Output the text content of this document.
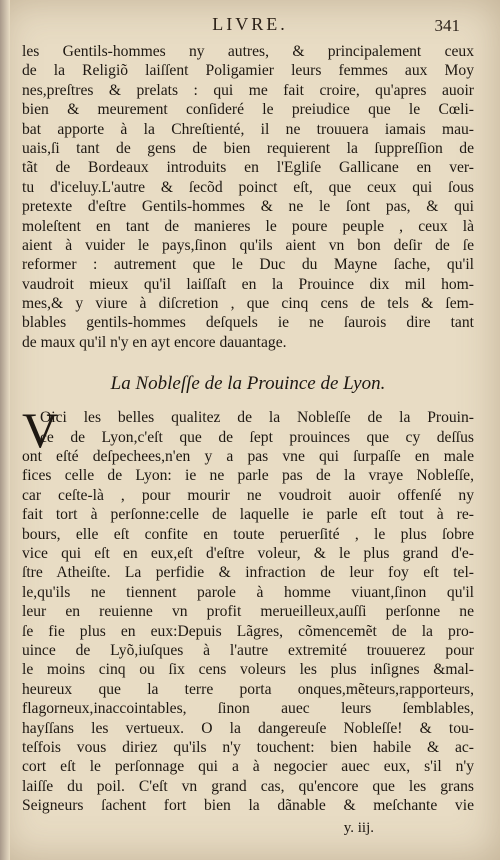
LIVRE.	341
les Gentils-hommes ny autres, & principalement ceux
de la Religiõ laiſſent Poligamier leurs femmes aux Moy
nes,preſtres & prelats : qui me fait croire, qu'apres auoir
bien & meurement conſideré le preiudice que le Cœli-
bat apporte à la Chreſtienté, il ne trouuera iamais mau-
uais,ſi tant de gens de bien requierent la ſuppreſſion de
tãt de Bordeaux introduits en l'Egliſe Gallicane en ver-
tu d'iceluy.L'autre & ſecõd poinct eſt, que ceux qui ſous
pretexte d'eſtre Gentils-hommes & ne le ſont pas, & qui
moleſtent en tant de manieres le poure peuple , ceux là
aient à vuider le pays,ſinon qu'ils aient vn bon deſir de ſe
reformer : autrement que le Duc du Mayne ſache, qu'il
vaudroit mieux qu'il laiſſaſt en la Prouince dix mil hom-
mes,& y viure à diſcretion , que cinq cens de tels & ſem-
blables gentils-hommes deſquels ie ne ſaurois dire tant
de maux qu'il n'y en ayt encore dauantage.
La Nobleſſe de la Prouince de Lyon.
V
Oici les belles qualitez de la Nobleſſe de la Prouin-
ce de Lyon,c'eſt que de ſept prouinces que cy deſſus
ont eſté deſpechees,n'en y a pas vne qui ſurpaſſe en male
fices celle de Lyon: ie ne parle pas de la vraye Nobleſſe,
car ceſte-là , pour mourir ne voudroit auoir offenſé ny
fait tort à perſonne:celle de laquelle ie parle eſt tout à re-
bours, elle eſt confite en toute peruerſité , le plus ſobre
vice qui eſt en eux,eſt d'eſtre voleur, & le plus grand d'e-
ſtre Atheiſte. La perfidie & infraction de leur foy eſt tel-
le,qu'ils ne tiennent parole à homme viuant,ſinon qu'il
leur en reuienne vn profit merueilleux,auſſi perſonne ne
ſe fie plus en eux:Depuis Lãgres, cõmencemẽt de la pro-
uince de Lyõ,iuſques à l'autre extremité trouuerez pour
le moins cinq ou ſix cens voleurs les plus inſignes &mal-
heureux que la terre porta onques,mẽteurs,rapporteurs,
flagorneux,inaccointables, ſinon auec leurs ſemblables,
hayſſans les vertueux. O la dangereuſe Nobleſſe! & tou-
teſfois vous diriez qu'ils n'y touchent: bien habile & ac-
cort eſt le perſonnage qui a à negocier auec eux, s'il n'y
laiſſe du poil. C'eſt vn grand cas, qu'encore que les grans
Seigneurs ſachent fort bien la dãnable & meſchante vie
y. iij.
